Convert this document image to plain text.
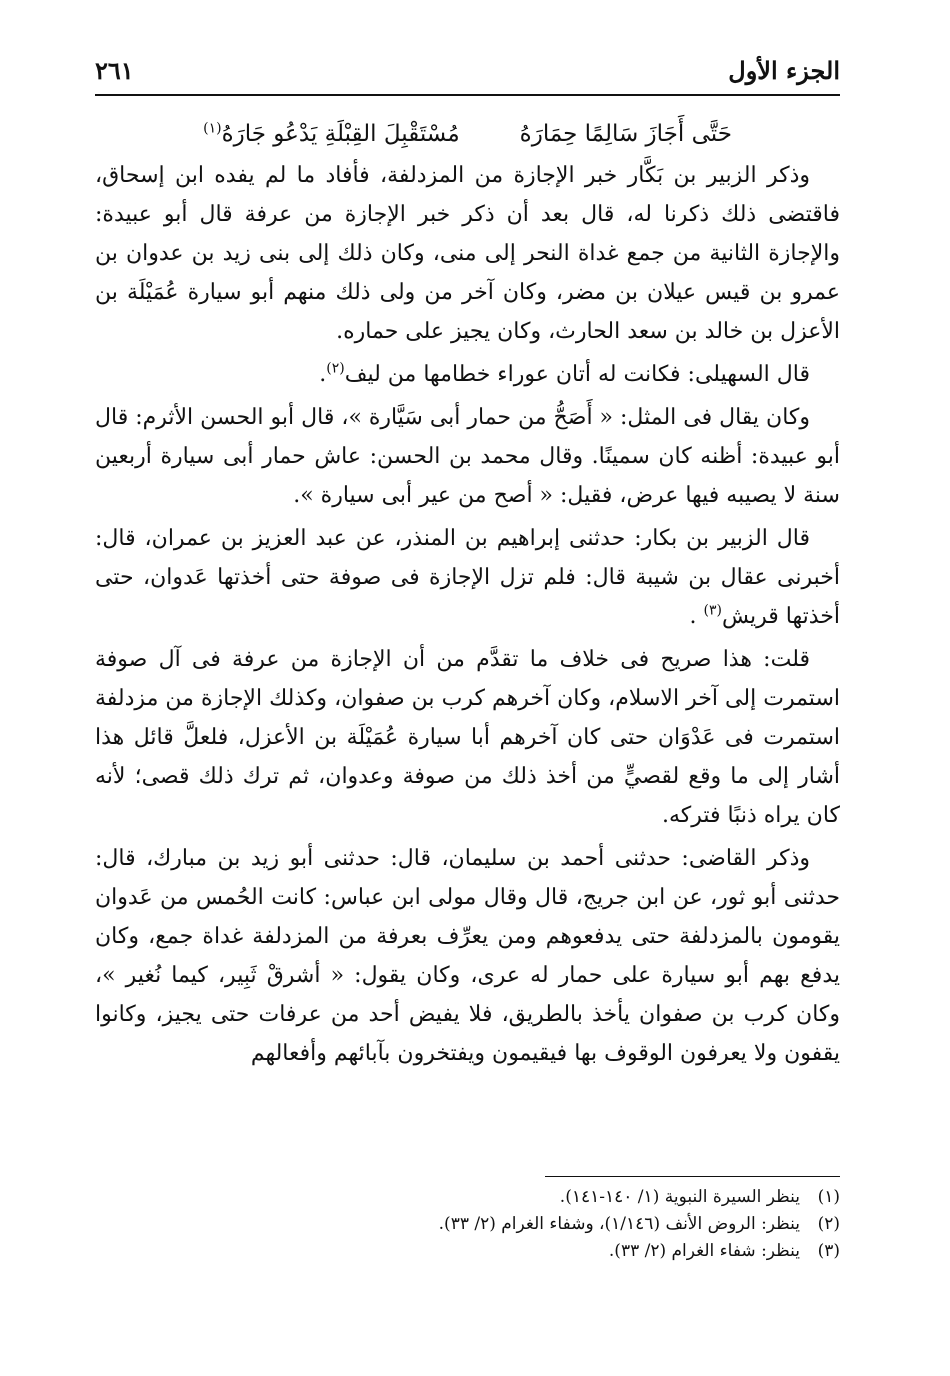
الجزء الأول
٢٦١
حَتَّى أَجَازَ سَالِمًا حِمَارَهُ
مُسْتَقْبِلَ القِبْلَةِ يَدْعُو جَارَهُ$^{(١)}$

وذكر الزبير بن بَكَّار خبر الإجازة من المزدلفة، فأفاد ما لم يفده ابن إسحاق، فاقتضى ذلك ذكرنا له، قال بعد أن ذكر خبر الإجازة من عرفة قال أبو عبيدة: والإجازة الثانية من جمع غداة النحر إلى منى، وكان ذلك إلى بنى زيد بن عدوان بن عمرو بن قيس عيلان بن مضر، وكان آخر من ولى ذلك منهم أبو سيارة عُمَيْلَة بن الأعزل بن خالد بن سعد الحارث، وكان يجيز على حماره.

قال السهيلى: فكانت له أتان عوراء خطامها من ليف$^{(٢)}$.

وكان يقال فى المثل: « أَصَحُّ من حمار أبى سَيَّارة »، قال أبو الحسن الأثرم: قال أبو عبيدة: أظنه كان سمينًا. وقال محمد بن الحسن: عاش حمار أبى سيارة أربعين سنة لا يصيبه فيها عرض، فقيل: « أصح من عير أبى سيارة ».

قال الزبير بن بكار: حدثنى إبراهيم بن المنذر، عن عبد العزيز بن عمران، قال: أخبرنى عقال بن شيبة قال: فلم تزل الإجازة فى صوفة حتى أخذتها عَدوان، حتى أخذتها قريش$^{(٣)}$ .

قلت: هذا صريح فى خلاف ما تقدَّم من أن الإجازة من عرفة فى آل صوفة استمرت إلى آخر الاسلام، وكان آخرهم كرب بن صفوان، وكذلك الإجازة من مزدلفة استمرت فى عَدْوَان حتى كان آخرهم أبا سيارة عُمَيْلَة بن الأعزل، فلعلَّ قائل هذا أشار إلى ما وقع لقصيٍّ من أخذ ذلك من صوفة وعدوان، ثم ترك ذلك قصى؛ لأنه كان يراه ذنبًا فتركه.

وذكر القاضى: حدثنى أحمد بن سليمان، قال: حدثنى أبو زيد بن مبارك، قال: حدثنى أبو ثور، عن ابن جريج، قال وقال مولى ابن عباس: كانت الحُمس من عَدوان يقومون بالمزدلفة حتى يدفعوهم ومن يعرِّف بعرفة من المزدلفة غداة جمع، وكان يدفع بهم أبو سيارة على حمار له عرى، وكان يقول: « أشرقْ ثَبِير، كيما نُغير »، وكان كرب بن صفوان يأخذ بالطريق، فلا يفيض أحد من عرفات حتى يجيز، وكانوا يقفون ولا يعرفون الوقوف بها فيقيمون ويفتخرون بآبائهم وأفعالهم

(١)
ينظر السيرة النبوية (١/ ١٤٠-١٤١).
(٢)
ينظر: الروض الأنف (١/١٤٦)، وشفاء الغرام (٢/ ٣٣).
(٣)
ينظر: شفاء الغرام (٢/ ٣٣).
